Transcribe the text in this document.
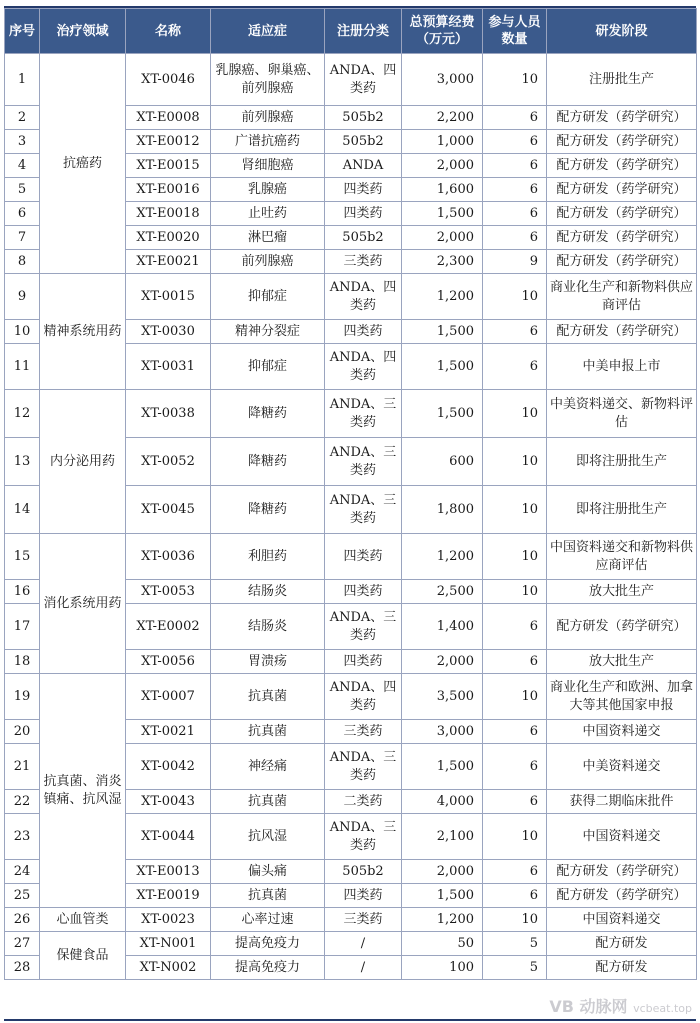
序号	治疗领域	名称	适应症	注册分类	总预算经费（万元）	参与人员数量	研发阶段
1	抗癌药	XT-0046	乳腺癌、卵巢癌、前列腺癌	ANDA、四类药	3,000	10	注册批生产
2		XT-E0008	前列腺癌	505b2	2,200	6	配方研发（药学研究）
3		XT-E0012	广谱抗癌药	505b2	1,000	6	配方研发（药学研究）
4		XT-E0015	肾细胞癌	ANDA	2,000	6	配方研发（药学研究）
5		XT-E0016	乳腺癌	四类药	1,600	6	配方研发（药学研究）
6		XT-E0018	止吐药	四类药	1,500	6	配方研发（药学研究）
7		XT-E0020	淋巴瘤	505b2	2,000	6	配方研发（药学研究）
8		XT-E0021	前列腺癌	三类药	2,300	9	配方研发（药学研究）
9	精神系统用药	XT-0015	抑郁症	ANDA、四类药	1,200	10	商业化生产和新物料供应商评估
10		XT-0030	精神分裂症	四类药	1,500	6	配方研发（药学研究）
11		XT-0031	抑郁症	ANDA、四类药	1,500	6	中美申报上市
12	内分泌用药	XT-0038	降糖药	ANDA、三类药	1,500	10	中美资料递交、新物料评估
13		XT-0052	降糖药	ANDA、三类药	600	10	即将注册批生产
14		XT-0045	降糖药	ANDA、三类药	1,800	10	即将注册批生产
15	消化系统用药	XT-0036	利胆药	四类药	1,200	10	中国资料递交和新物料供应商评估
16		XT-0053	结肠炎	四类药	2,500	10	放大批生产
17		XT-E0002	结肠炎	ANDA、三类药	1,400	6	配方研发（药学研究）
18		XT-0056	胃溃疡	四类药	2,000	6	放大批生产
19	抗真菌、消炎镇痛、抗风湿	XT-0007	抗真菌	ANDA、四类药	3,500	10	商业化生产和欧洲、加拿大等其他国家申报
20		XT-0021	抗真菌	三类药	3,000	6	中国资料递交
21		XT-0042	神经痛	ANDA、三类药	1,500	6	中美资料递交
22		XT-0043	抗真菌	二类药	4,000	6	获得二期临床批件
23		XT-0044	抗风湿	ANDA、三类药	2,100	10	中国资料递交
24		XT-E0013	偏头痛	505b2	2,000	6	配方研发（药学研究）
25		XT-E0019	抗真菌	四类药	1,500	6	配方研发（药学研究）
26	心血管类	XT-0023	心率过速	三类药	1,200	10	中国资料递交
27	保健食品	XT-N001	提高免疫力	/	50	5	配方研发
28		XT-N002	提高免疫力	/	100	5	配方研发
VB 动脉网 vcbeat.top
